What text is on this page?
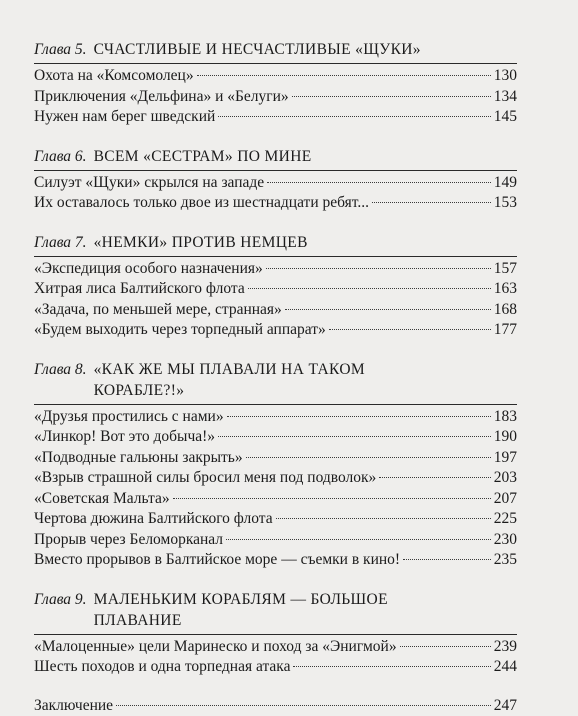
Глава 5. СЧАСТЛИВЫЕ И НЕСЧАСТЛИВЫЕ «ЩУКИ»
Охота на «Комсомолец»	130
Приключения «Дельфина» и «Белуги»	134
Нужен нам берег шведский	145
Глава 6. ВСЕМ «СЕСТРАМ» ПО МИНЕ
Силуэт «Щуки» скрылся на западе	149
Их оставалось только двое из шестнадцати ребят...	153
Глава 7. «НЕМКИ» ПРОТИВ НЕМЦЕВ
«Экспедиция особого назначения»	157
Хитрая лиса Балтийского флота	163
«Задача, по меньшей мере, странная»	168
«Будем выходить через торпедный аппарат»	177
Глава 8. «КАК ЖЕ МЫ ПЛАВАЛИ НА ТАКОМ КОРАБЛЕ?!»
«Друзья простились с нами»	183
«Линкор! Вот это добыча!»	190
«Подводные гальюны закрыть»	197
«Взрыв страшной силы бросил меня под подволок»	203
«Советская Мальта»	207
Чертова дюжина Балтийского флота	225
Прорыв через Беломорканал	230
Вместо прорывов в Балтийское море — съемки в кино!	235
Глава 9. МАЛЕНЬКИМ КОРАБЛЯМ — БОЛЬШОЕ ПЛАВАНИЕ
«Малоценные» цели Маринеско и поход за «Энигмой»	239
Шесть походов и одна торпедная атака	244
Заключение	247
